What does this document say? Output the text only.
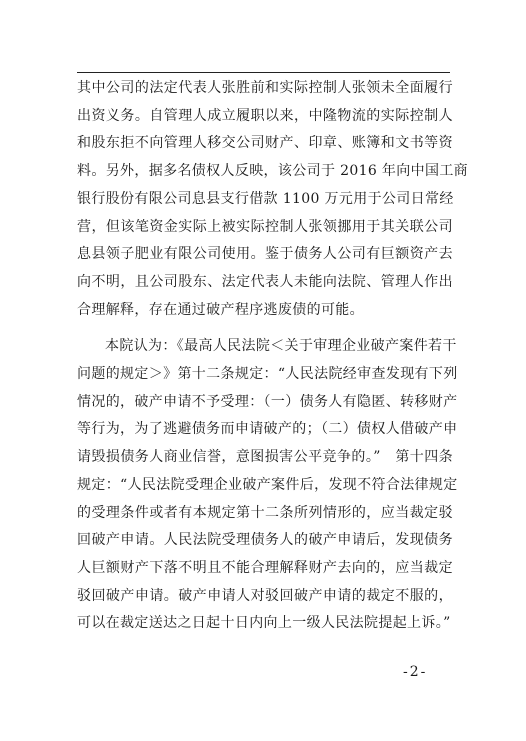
其中公司的法定代表人张胜前和实际控制人张领未全面履行
出资义务。自管理人成立履职以来，中隆物流的实际控制人
和股东拒不向管理人移交公司财产、印章、账簿和文书等资
料。另外，据多名债权人反映，该公司于 2016 年向中国工商
银行股份有限公司息县支行借款 1100 万元用于公司日常经
营，但该笔资金实际上被实际控制人张领挪用于其关联公司
息县领子肥业有限公司使用。鉴于债务人公司有巨额资产去
向不明，且公司股东、法定代表人未能向法院、管理人作出
合理解释，存在通过破产程序逃废债的可能。
本院认为：《最高人民法院＜关于审理企业破产案件若干
问题的规定＞》第十二条规定：“人民法院经审查发现有下列
情况的，破产申请不予受理：（一）债务人有隐匿、转移财产
等行为，为了逃避债务而申请破产的；（二）债权人借破产申
请毁损债务人商业信誉，意图损害公平竞争的。”　第十四条
规定：“人民法院受理企业破产案件后，发现不符合法律规定
的受理条件或者有本规定第十二条所列情形的，应当裁定驳
回破产申请。人民法院受理债务人的破产申请后，发现债务
人巨额财产下落不明且不能合理解释财产去向的，应当裁定
驳回破产申请。破产申请人对驳回破产申请的裁定不服的，
可以在裁定送达之日起十日内向上一级人民法院提起上诉。”
-2-
